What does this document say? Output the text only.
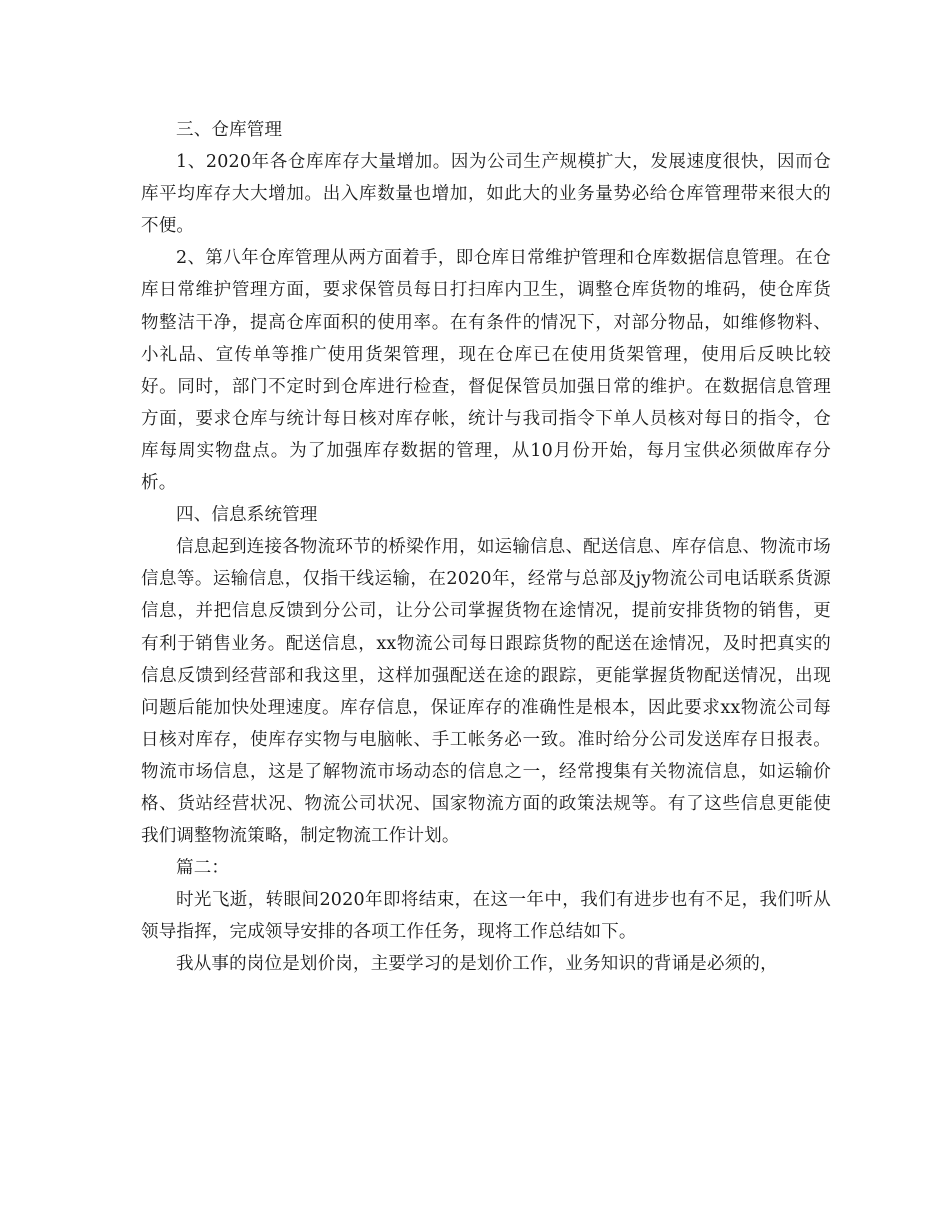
三、仓库管理

1、2020年各仓库库存大量增加。因为公司生产规模扩大，发展速度很快，因而仓库平均库存大大增加。出入库数量也增加，如此大的业务量势必给仓库管理带来很大的不便。

2、第八年仓库管理从两方面着手，即仓库日常维护管理和仓库数据信息管理。在仓库日常维护管理方面，要求保管员每日打扫库内卫生，调整仓库货物的堆码，使仓库货物整洁干净，提高仓库面积的使用率。在有条件的情况下，对部分物品，如维修物料、小礼品、宣传单等推广使用货架管理，现在仓库已在使用货架管理，使用后反映比较好。同时，部门不定时到仓库进行检查，督促保管员加强日常的维护。在数据信息管理方面，要求仓库与统计每日核对库存帐，统计与我司指令下单人员核对每日的指令，仓库每周实物盘点。为了加强库存数据的管理，从10月份开始，每月宝供必须做库存分析。

四、信息系统管理

信息起到连接各物流环节的桥梁作用，如运输信息、配送信息、库存信息、物流市场信息等。运输信息，仅指干线运输，在2020年，经常与总部及jy物流公司电话联系货源信息，并把信息反馈到分公司，让分公司掌握货物在途情况，提前安排货物的销售，更有利于销售业务。配送信息，xx物流公司每日跟踪货物的配送在途情况，及时把真实的信息反馈到经营部和我这里，这样加强配送在途的跟踪，更能掌握货物配送情况，出现问题后能加快处理速度。库存信息，保证库存的准确性是根本，因此要求xx物流公司每日核对库存，使库存实物与电脑帐、手工帐务必一致。准时给分公司发送库存日报表。物流市场信息，这是了解物流市场动态的信息之一，经常搜集有关物流信息，如运输价格、货站经营状况、物流公司状况、国家物流方面的政策法规等。有了这些信息更能使我们调整物流策略，制定物流工作计划。

篇二：

时光飞逝，转眼间2020年即将结束，在这一年中，我们有进步也有不足，我们听从领导指挥，完成领导安排的各项工作任务，现将工作总结如下。

我从事的岗位是划价岗，主要学习的是划价工作，业务知识的背诵是必须的，
